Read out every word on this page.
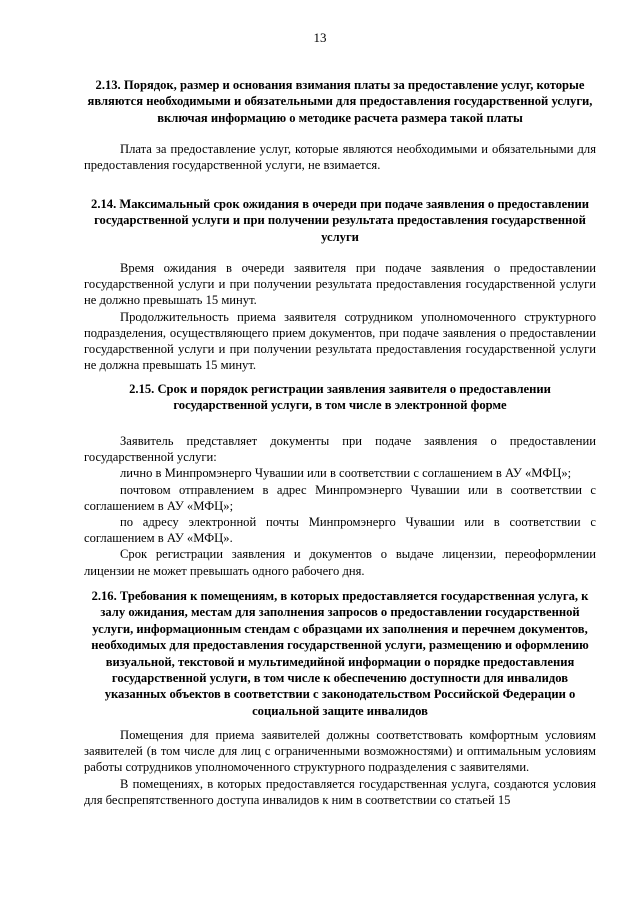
13
2.13. Порядок, размер и основания взимания платы за предоставление услуг, которые являются необходимыми и обязательными для предоставления государственной услуги, включая информацию о методике расчета размера такой платы

Плата за предоставление услуг, которые являются необходимыми и обязательными для предоставления государственной услуги, не взимается.

2.14. Максимальный срок ожидания в очереди при подаче заявления о предоставлении государственной услуги и при получении результата предоставления государственной услуги

Время ожидания в очереди заявителя при подаче заявления о предоставлении государственной услуги и при получении результата предоставления государственной услуги не должно превышать 15 минут.

Продолжительность приема заявителя сотрудником уполномоченного структурного подразделения, осуществляющего прием документов, при подаче заявления о предоставлении государственной услуги и при получении результата предоставления государственной услуги не должна превышать 15 минут.

2.15. Срок и порядок регистрации заявления заявителя о предоставлении государственной услуги, в том числе в электронной форме

Заявитель представляет документы при подаче заявления о предоставлении государственной услуги:

лично в Минпромэнерго Чувашии или в соответствии с соглашением в АУ «МФЦ»;

почтовом отправлением в адрес Минпромэнерго Чувашии или в соответствии с соглашением в АУ «МФЦ»;

по адресу электронной почты Минпромэнерго Чувашии или в соответствии с соглашением в АУ «МФЦ».

Срок регистрации заявления и документов о выдаче лицензии, переоформлении лицензии не может превышать одного рабочего дня.

2.16. Требования к помещениям, в которых предоставляется государственная услуга, к залу ожидания, местам для заполнения запросов о предоставлении государственной услуги, информационным стендам с образцами их заполнения и перечнем документов, необходимых для предоставления государственной услуги, размещению и оформлению визуальной, текстовой и мультимедийной информации о порядке предоставления государственной услуги, в том числе к обеспечению доступности для инвалидов указанных объектов в соответствии с законодательством Российской Федерации о социальной защите инвалидов

Помещения для приема заявителей должны соответствовать комфортным условиям заявителей (в том числе для лиц с ограниченными возможностями) и оптимальным условиям работы сотрудников уполномоченного структурного подразделения с заявителями.

В помещениях, в которых предоставляется государственная услуга, создаются условия для беспрепятственного доступа инвалидов к ним в соответствии со статьей 15
